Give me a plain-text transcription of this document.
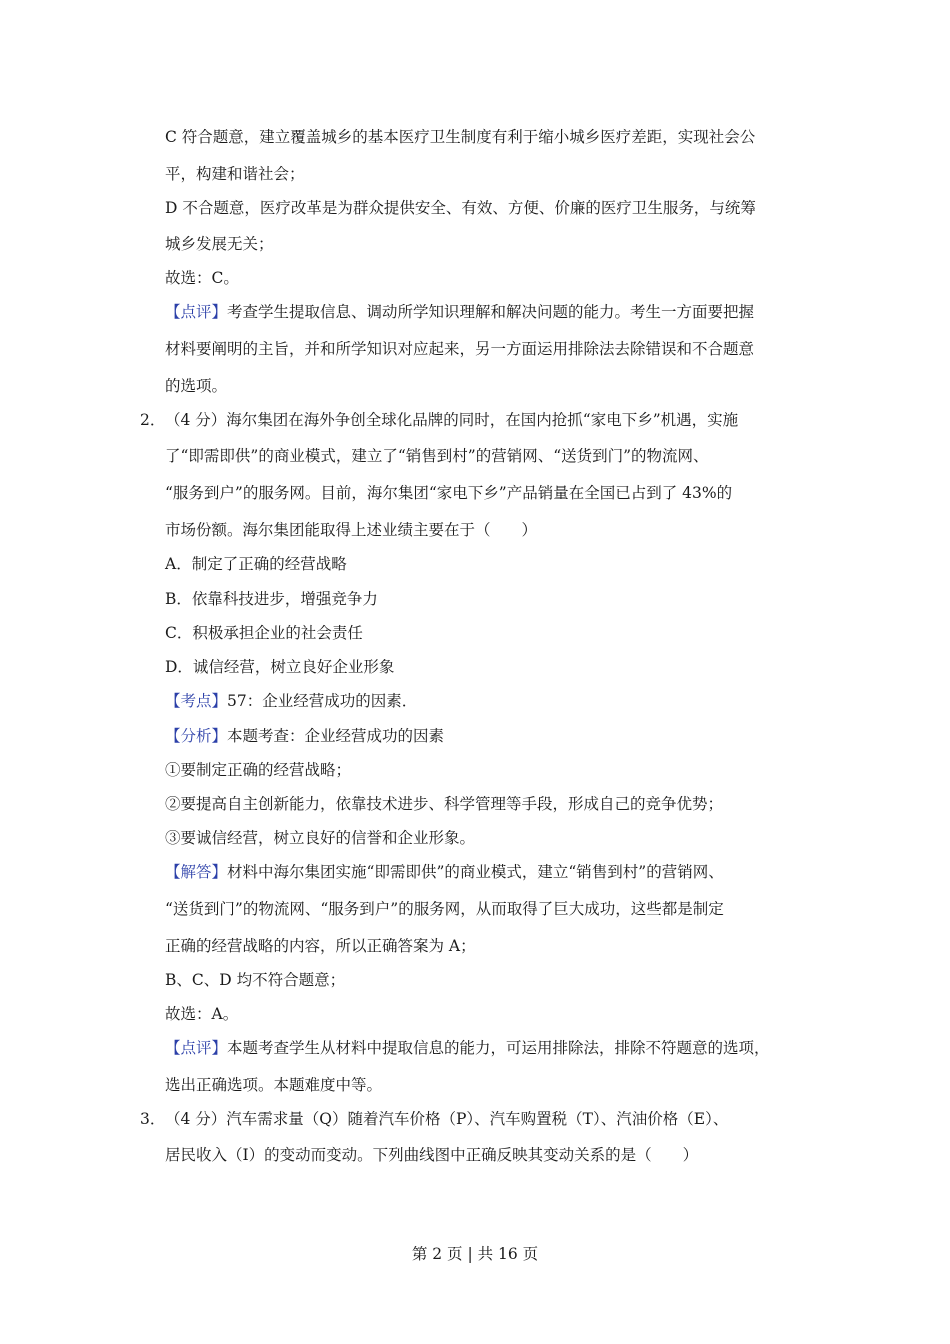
C 符合题意，建立覆盖城乡的基本医疗卫生制度有利于缩小城乡医疗差距，实现社会公
平，构建和谐社会；
D 不合题意，医疗改革是为群众提供安全、有效、方便、价廉的医疗卫生服务，与统筹
城乡发展无关；
故选：C。
【点评】考查学生提取信息、调动所学知识理解和解决问题的能力。考生一方面要把握
材料要阐明的主旨，并和所学知识对应起来，另一方面运用排除法去除错误和不合题意
的选项。
2． （4 分）海尔集团在海外争创全球化品牌的同时，在国内抢抓“家电下乡”机遇，实施
了“即需即供”的商业模式，建立了“销售到村”的营销网、“送货到门”的物流网、
“服务到户”的服务网。目前，海尔集团“家电下乡”产品销量在全国已占到了 43%的
市场份额。海尔集团能取得上述业绩主要在于（　　）
A．制定了正确的经营战略
B．依靠科技进步，增强竞争力
C．积极承担企业的社会责任
D．诚信经营，树立良好企业形象
【考点】57：企业经营成功的因素．
【分析】本题考查：企业经营成功的因素
①要制定正确的经营战略；
②要提高自主创新能力，依靠技术进步、科学管理等手段，形成自己的竞争优势；
③要诚信经营，树立良好的信誉和企业形象。
【解答】材料中海尔集团实施“即需即供”的商业模式，建立“销售到村”的营销网、
“送货到门”的物流网、“服务到户”的服务网，从而取得了巨大成功，这些都是制定
正确的经营战略的内容，所以正确答案为 A；
B、C、D 均不符合题意；
故选：A。
【点评】本题考查学生从材料中提取信息的能力，可运用排除法，排除不符题意的选项，
选出正确选项。本题难度中等。
3． （4 分）汽车需求量（Q）随着汽车价格（P）、汽车购置税（T）、汽油价格（E）、
居民收入（I）的变动而变动。下列曲线图中正确反映其变动关系的是（　　）
第 2 页 | 共 16 页
